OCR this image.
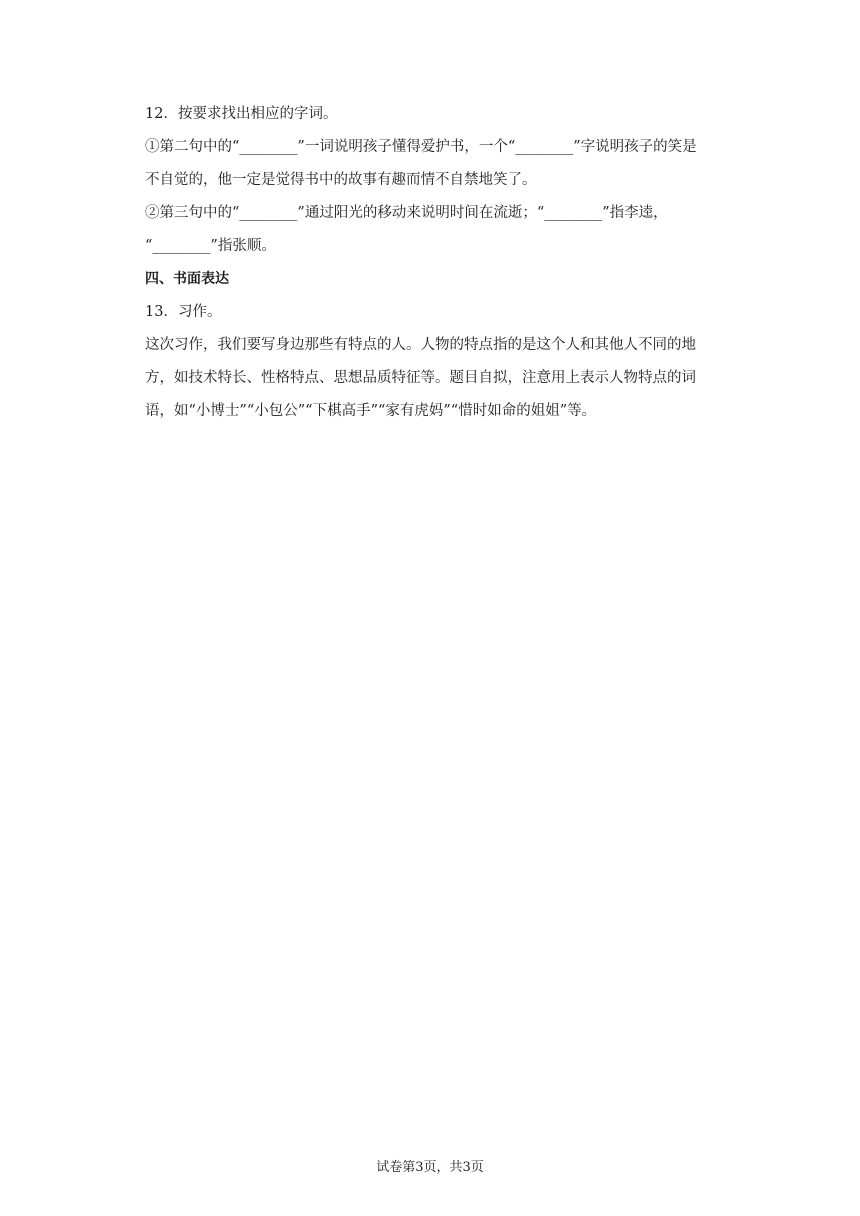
12．按要求找出相应的字词。

①第二句中的“________”一词说明孩子懂得爱护书，一个“________”字说明孩子的笑是

不自觉的，他一定是觉得书中的故事有趣而情不自禁地笑了。

②第三句中的“________”通过阳光的移动来说明时间在流逝；“________”指李逵，

“________”指张顺。

四、书面表达

13．习作。

这次习作，我们要写身边那些有特点的人。人物的特点指的是这个人和其他人不同的地

方，如技术特长、性格特点、思想品质特征等。题目自拟，注意用上表示人物特点的词

语，如“小博士”“小包公”“下棋高手”“家有虎妈”“惜时如命的姐姐”等。

试卷第3页，共3页
